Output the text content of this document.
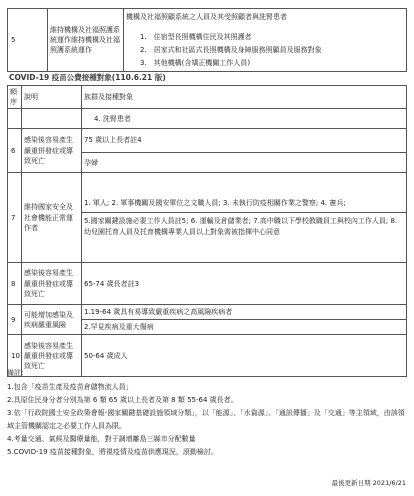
5	維持機構及社福照護系統運作維持機構及社福照護系統運作	
機構及社福照顧系統之人員及其受照顧者與洗腎患者
1.　住宿型長照機構住民及其照護者
2.　居家式和社區式長照機構及身障服務照顧員及服務對象
3.　其他機構(含矯正機關工作人員)
COVID-19 疫苗公費接種對象(110.6.21 版)
順序	說明	族群及接種對象
		4. 洗腎患者
6	感染後容易產生嚴重併發症或導致死亡	75 歲以上長者註4
孕婦

7	維持國家安全及社會機能正常運作者	1. 軍人; 2. 軍事機關及國安單位之文職人員; 3. 未執行防疫相關作業之警察; 4. 憲兵;
5.國家關鍵設施必要工作人員註5; 6. 運輸及倉儲業者; 7.高中職以下學校教職員工與校內工作人員; 8.幼兒園托育人員及托育機構專業人員以上對象需被指揮中心同意

8	感染後容易產生嚴重併發症或導致死亡	65-74 歲長者註3
9	可能增加感染及疾病嚴重風險	1.19-64 歲具有易導致嚴重疾病之高風險疾病者
2.罕見疾病及重大傷病

10	感染後容易產生嚴重併發症或導致死亡	50-64 歲成人
備註：
1.包含「疫苗生產及疫苗倉儲物流人員」
2.具原住民身分者分別為第 6 類 65 歲以上長者及第 8 類 55-64 歲長者。
3.依「行政院國土安全政策會報-國家關鍵基礎設施領域分類」，以「能源」、「水資源」、「通訊傳播」及「交通」等主領域，由該領域主管機關認定之必要工作人員為限。
4.考量交通、氣候及醫療量能，對于調增離島三縣市分配數量
5.COVID-19 疫苗接種對象，將視疫情及疫苗供應現況，滾動檢討。
最後更新日期 2021/6/21
